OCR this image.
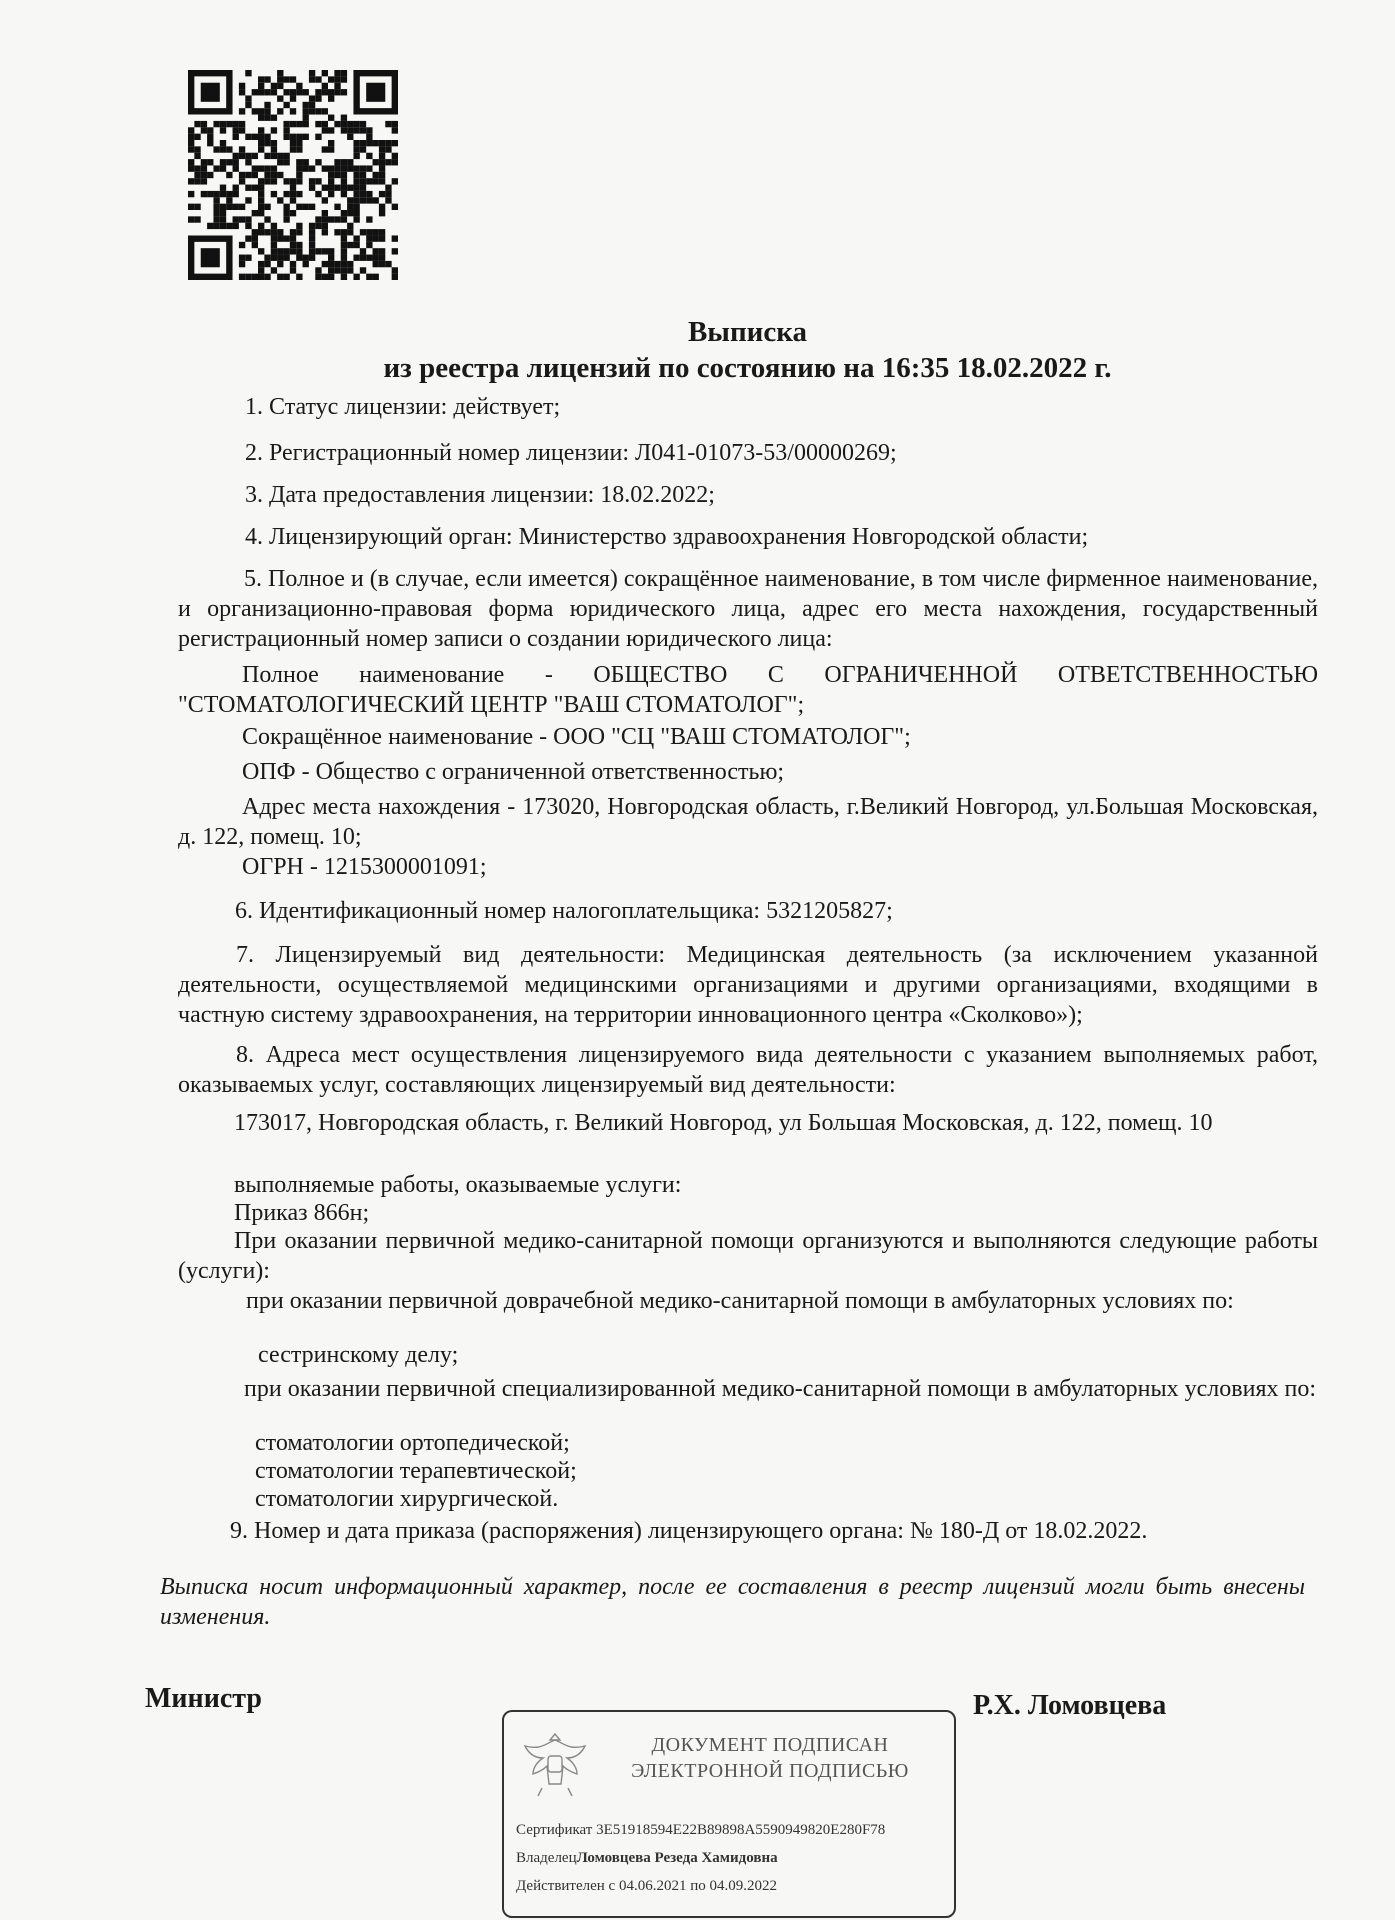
Выписка
из реестра лицензий по состоянию на 16:35 18.02.2022 г.
1. Статус лицензии: действует;
2. Регистрационный номер лицензии: Л041-01073-53/00000269;
3. Дата предоставления лицензии: 18.02.2022;
4. Лицензирующий орган: Министерство здравоохранения Новгородской области;
5. Полное и (в случае, если имеется) сокращённое наименование, в том числе фирменное наименование, и организационно-правовая форма юридического лица, адрес его места нахождения, государственный регистрационный номер записи о создании юридического лица:
Полное наименование - ОБЩЕСТВО С ОГРАНИЧЕННОЙ ОТВЕТСТВЕННОСТЬЮ "СТОМАТОЛОГИЧЕСКИЙ ЦЕНТР "ВАШ СТОМАТОЛОГ";
Сокращённое наименование - ООО "СЦ "ВАШ СТОМАТОЛОГ";
ОПФ - Общество с ограниченной ответственностью;
Адрес места нахождения - 173020, Новгородская область, г.Великий Новгород, ул.Большая Московская, д. 122, помещ. 10;
ОГРН - 1215300001091;
6. Идентификационный номер налогоплательщика: 5321205827;
7. Лицензируемый вид деятельности: Медицинская деятельность (за исключением указанной деятельности, осуществляемой медицинскими организациями и другими организациями, входящими в частную систему здравоохранения, на территории инновационного центра «Сколково»);
8. Адреса мест осуществления лицензируемого вида деятельности с указанием выполняемых работ, оказываемых услуг, составляющих лицензируемый вид деятельности:
173017, Новгородская область, г. Великий Новгород, ул Большая Московская, д. 122, помещ. 10
выполняемые работы, оказываемые услуги:
Приказ 866н;
При оказании первичной медико-санитарной помощи организуются и выполняются следующие работы (услуги):
при оказании первичной доврачебной медико-санитарной помощи в амбулаторных условиях по:
сестринскому делу;
при оказании первичной специализированной медико-санитарной помощи в амбулаторных условиях по:
стоматологии ортопедической;
стоматологии терапевтической;
стоматологии хирургической.
9. Номер и дата приказа (распоряжения) лицензирующего органа: № 180-Д от 18.02.2022.
Выписка носит информационный характер, после ее составления в реестр лицензий могли быть внесены изменения.
Министр	Р.Х. Ломовцева
ДОКУМЕНТ ПОДПИСАН
ЭЛЕКТРОННОЙ ПОДПИСЬЮ
Сертификат 3E51918594E22B89898A5590949820E280F78
ВладелецЛомовцева Резеда Хамидовна
Действителен с 04.06.2021 по 04.09.2022
